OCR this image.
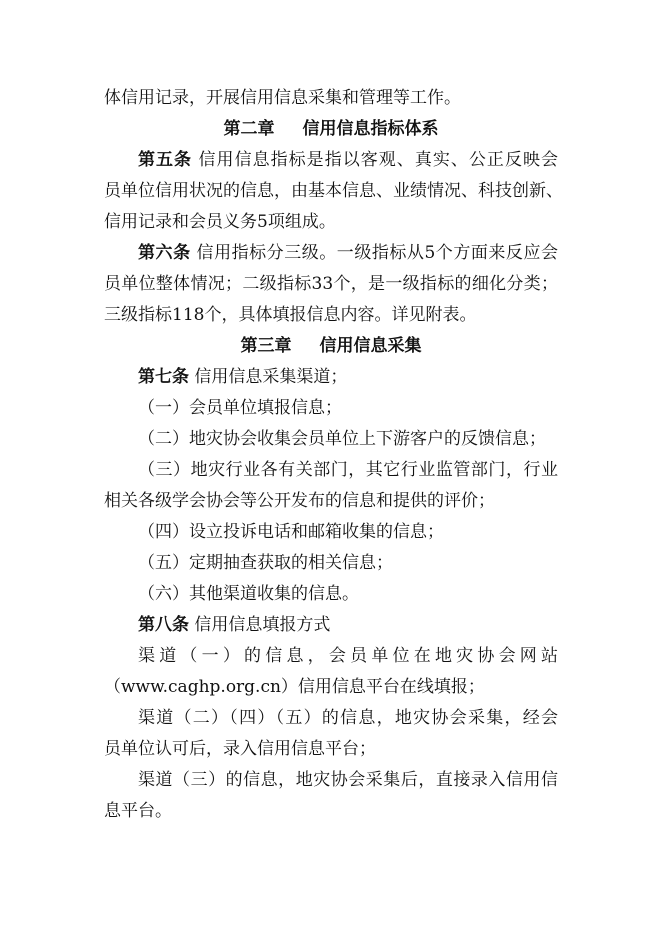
体信用记录，开展信用信息采集和管理等工作。
第二章 信用信息指标体系
第五条 信用信息指标是指以客观、真实、公正反映会
员单位信用状况的信息，由基本信息、业绩情况、科技创新、
信用记录和会员义务5项组成。
第六条 信用指标分三级。一级指标从5个方面来反应会
员单位整体情况；二级指标33个，是一级指标的细化分类；
三级指标118个，具体填报信息内容。详见附表。
第三章 信用信息采集
第七条 信用信息采集渠道；
（一）会员单位填报信息；
（二）地灾协会收集会员单位上下游客户的反馈信息；
（三）地灾行业各有关部门，其它行业监管部门，行业
相关各级学会协会等公开发布的信息和提供的评价；
（四）设立投诉电话和邮箱收集的信息；
（五）定期抽查获取的相关信息；
（六）其他渠道收集的信息。
第八条 信用信息填报方式
渠道（一）的信息，会员单位在地灾协会网站
（www.caghp.org.cn）信用信息平台在线填报；
渠道（二）（四）（五）的信息，地灾协会采集，经会
员单位认可后，录入信用信息平台；
渠道（三）的信息，地灾协会采集后，直接录入信用信
息平台。
